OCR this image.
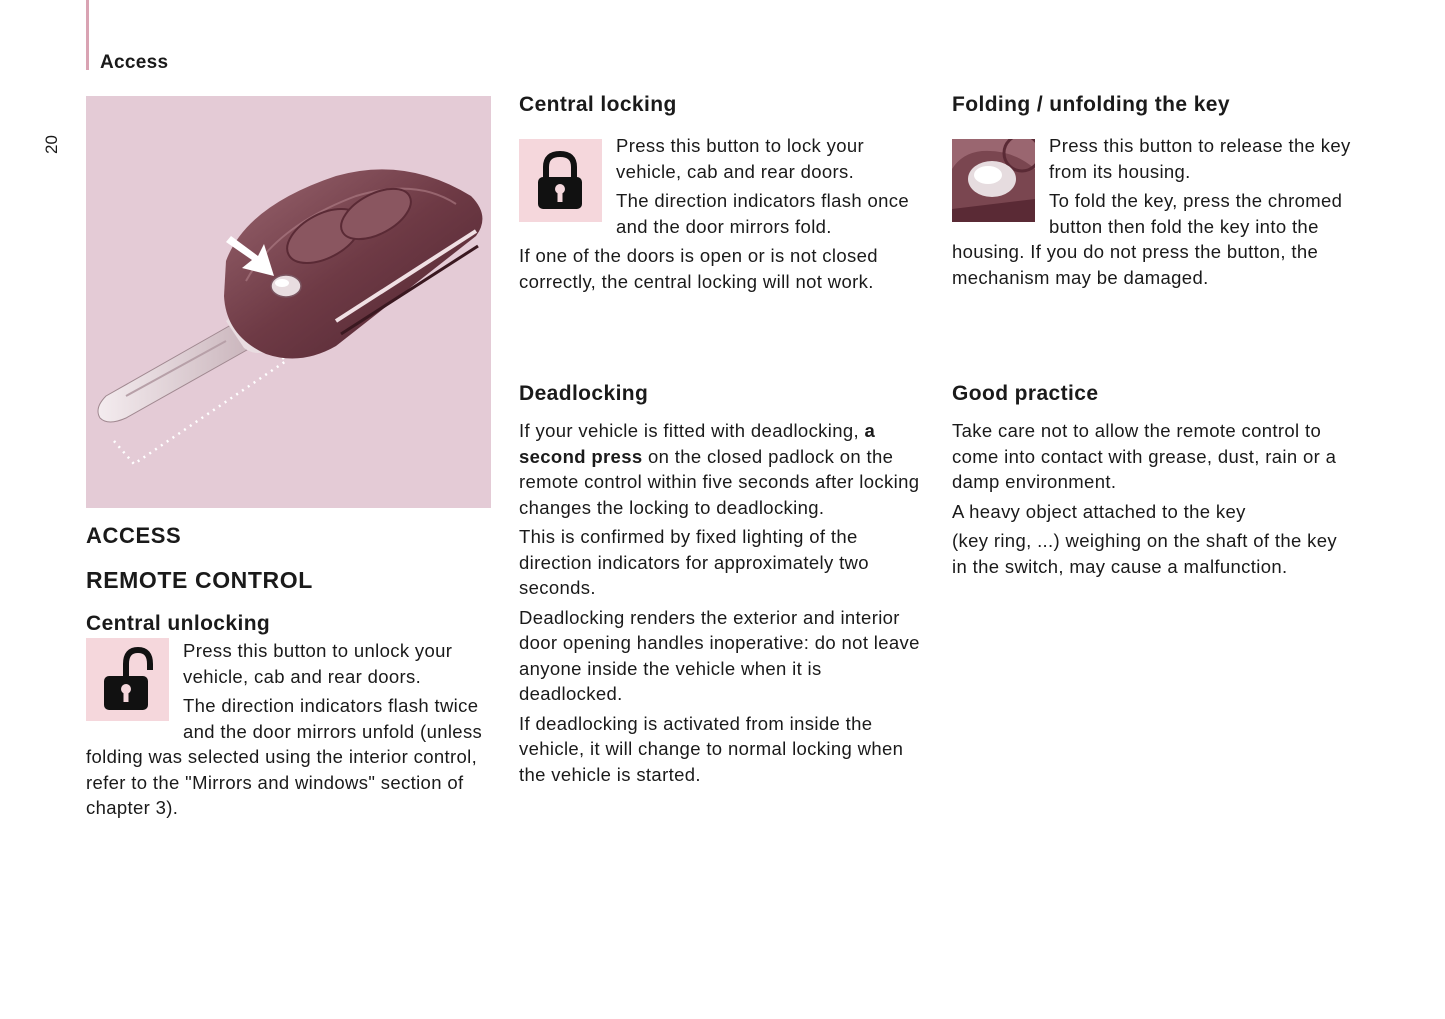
Access
20
ACCESS
REMOTE CONTROL
Central unlocking

Press this button to unlock your vehicle, cab and rear doors.

The direction indicators flash twice and the door mirrors unfold (unless folding was selected using the interior control, refer to the "Mirrors and windows" section of chapter 3).

Central locking

Press this button to lock your vehicle, cab and rear doors.

The direction indicators flash once and the door mirrors fold.

If one of the doors is open or is not closed correctly, the central locking will not work.

Deadlocking

If your vehicle is fitted with deadlocking, a second press on the closed padlock on the remote control within five seconds after locking changes the locking to deadlocking.

This is confirmed by fixed lighting of the direction indicators for approximately two seconds.

Deadlocking renders the exterior and interior door opening handles inoperative: do not leave anyone inside the vehicle when it is deadlocked.

If deadlocking is activated from inside the vehicle, it will change to normal locking when the vehicle is started.

Folding / unfolding the key

Press this button to release the key from its housing.

To fold the key, press the chromed button then fold the key into the housing. If you do not press the button, the mechanism may be damaged.

Good practice

Take care not to allow the remote control to come into contact with grease, dust, rain or a damp environment.

A heavy object attached to the key

(key ring, ...) weighing on the shaft of the key in the switch, may cause a malfunction.
